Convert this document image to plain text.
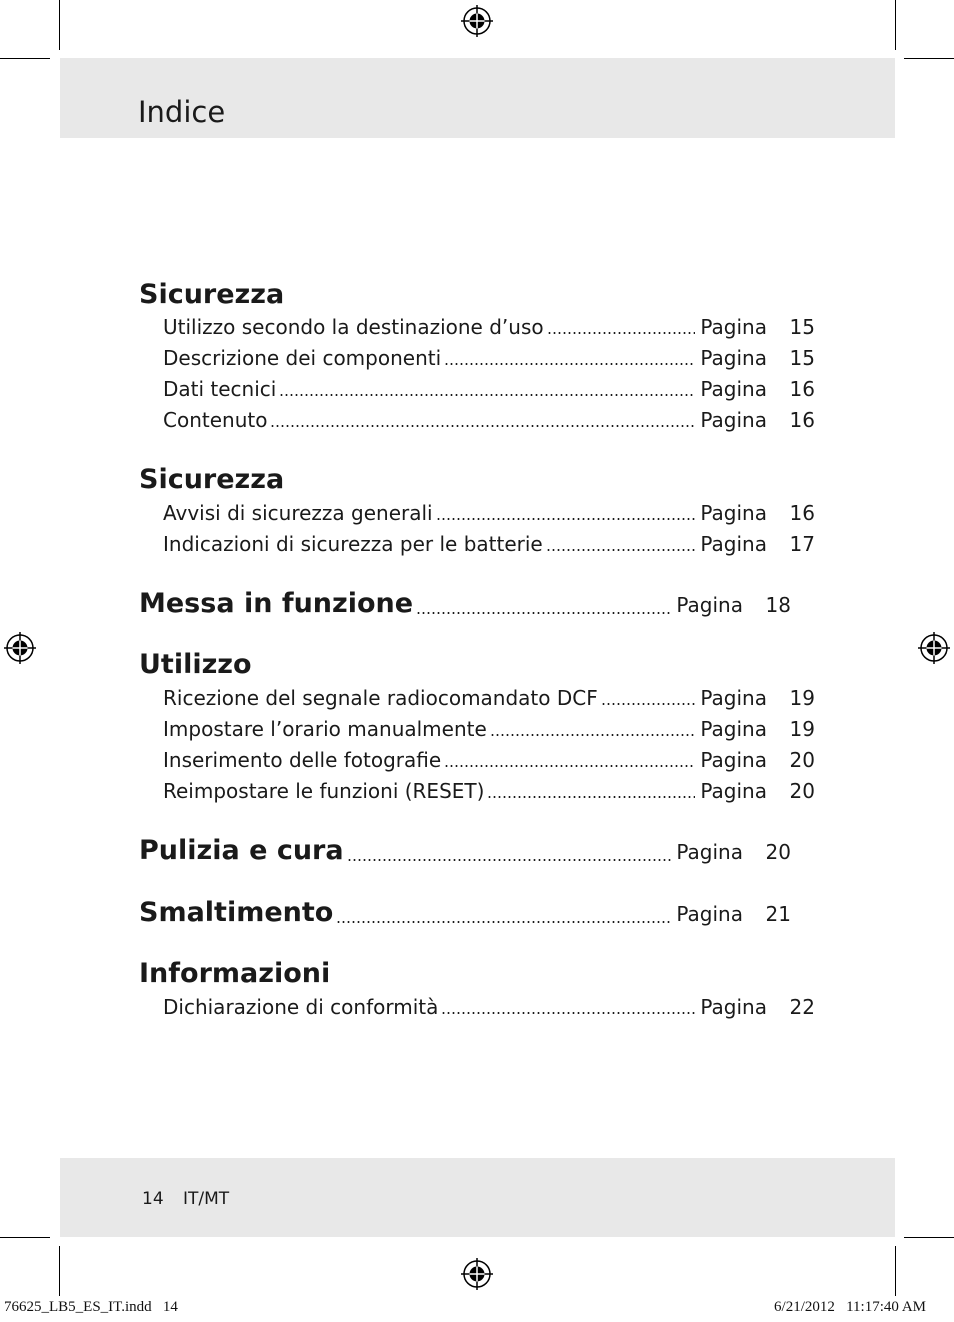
Indice
Sicurezza
Utilizzo secondo la destinazione d’uso	Pagina	15
Descrizione dei componenti	Pagina	15
Dati tecnici	Pagina	16
Contenuto	Pagina	16
Sicurezza
Avvisi di sicurezza generali	Pagina	16
Indicazioni di sicurezza per le batterie	Pagina	17
Messa in funzione	Pagina	18
Utilizzo
Ricezione del segnale radiocomandato DCF	Pagina	19
Impostare l’orario manualmente	Pagina	19
Inserimento delle fotografie	Pagina	20
Reimpostare le funzioni (RESET)	Pagina	20
Pulizia e cura	Pagina	20
Smaltimento	Pagina	21
Informazioni
Dichiarazione di conformità	Pagina	22
14 IT/MT
76625_LB5_ES_IT.indd   14	6/21/2012   11:17:40 AM
